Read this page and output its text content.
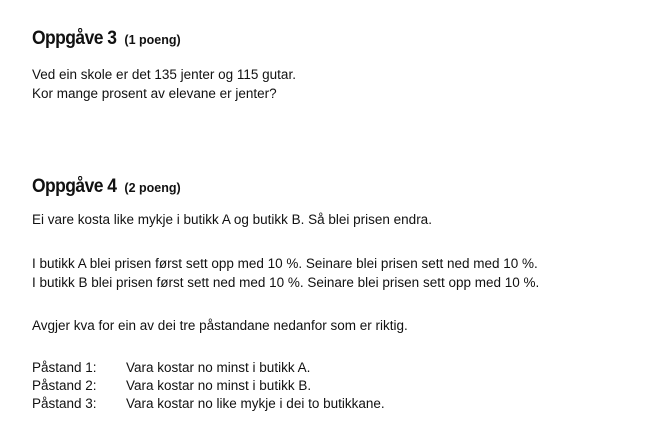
Oppgåve 3 (1 poeng)

Ved ein skole er det 135 jenter og 115 gutar.

Kor mange prosent av elevane er jenter?

Oppgåve 4 (2 poeng)

Ei vare kosta like mykje i butikk A og butikk B. Så blei prisen endra.

I butikk A blei prisen først sett opp med 10 %. Seinare blei prisen sett ned med 10 %.

I butikk B blei prisen først sett ned med 10 %. Seinare blei prisen sett opp med 10 %.

Avgjer kva for ein av dei tre påstandane nedanfor som er riktig.

Påstand 1:	Vara kostar no minst i butikk A.
Påstand 2:	Vara kostar no minst i butikk B.
Påstand 3:	Vara kostar no like mykje i dei to butikkane.
